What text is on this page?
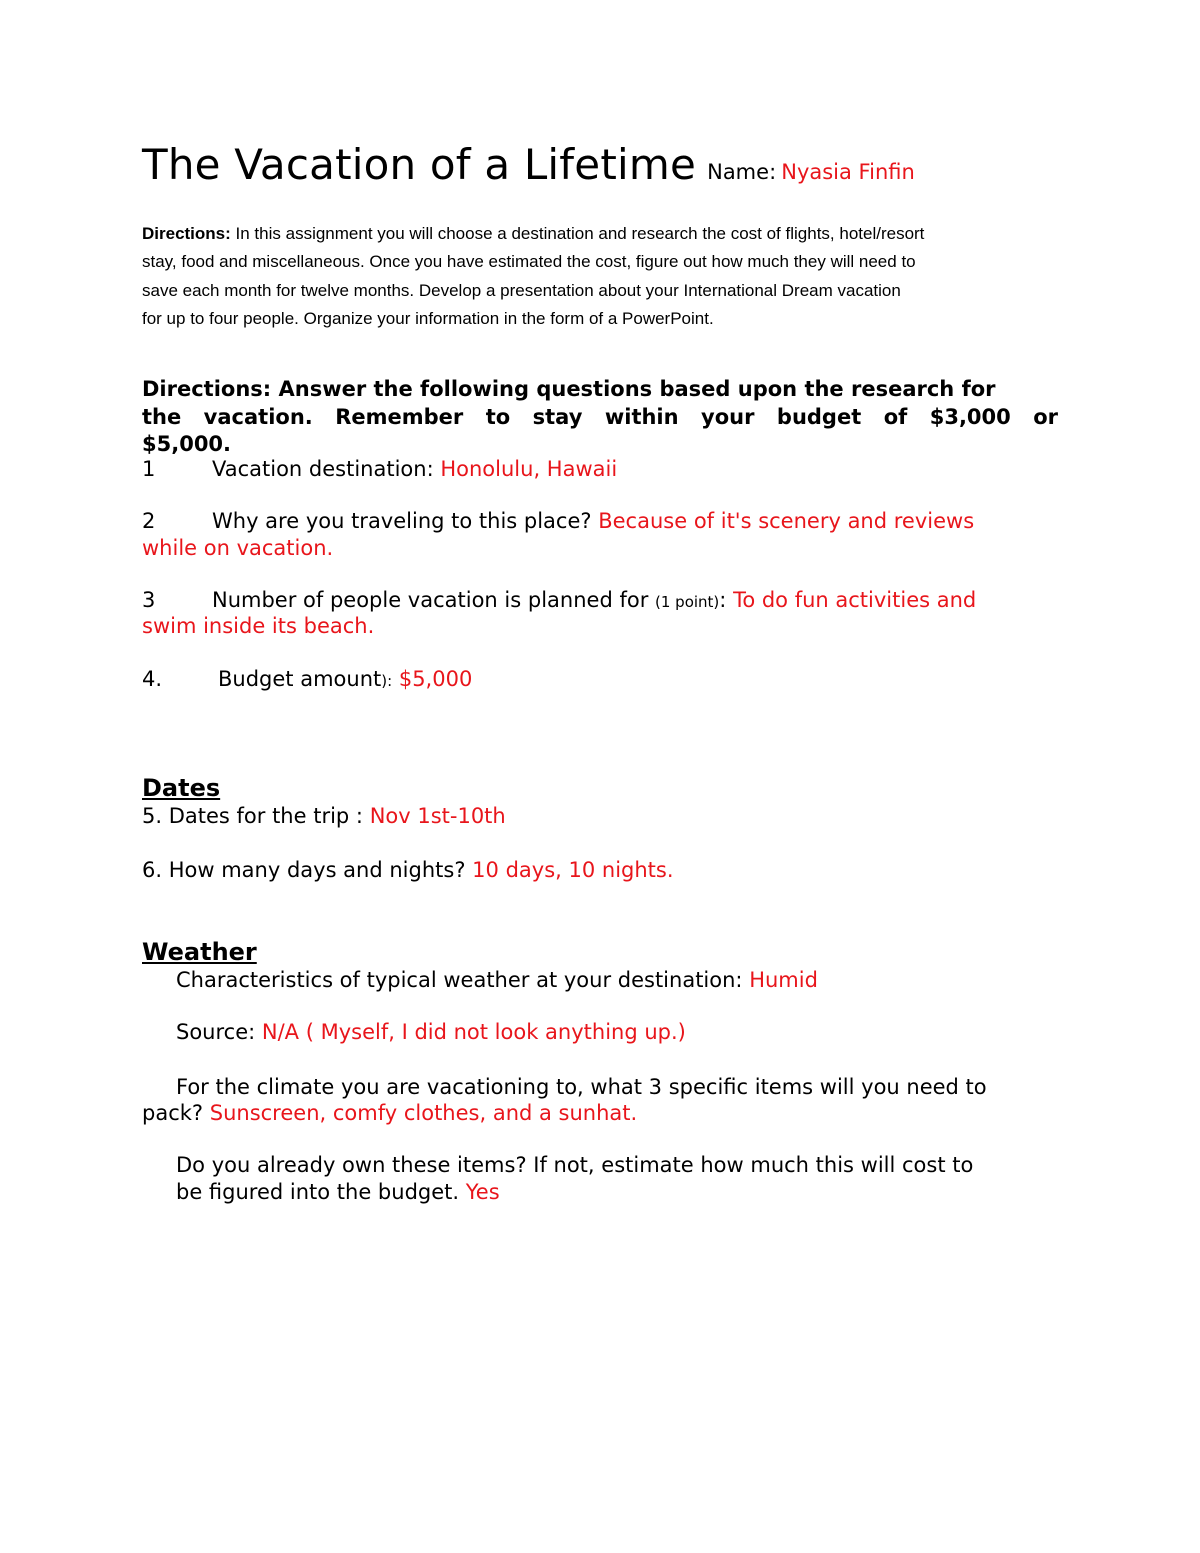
The Vacation of a Lifetime Name: Nyasia Finfin
Directions: In this assignment you will choose a destination and research the cost of flights, hotel/resort
stay, food and miscellaneous. Once you have estimated the cost, figure out how much they will need to
save each month for twelve months. Develop a presentation about your International Dream vacation
for up to four people. Organize your information in the form of a PowerPoint.
Directions: Answer the following questions based upon the research for
the vacation. Remember to stay within your budget of $3,000 or
$5,000.
1	Vacation destination: Honolulu, Hawaii
2	Why are you traveling to this place? Because of it's scenery and reviews
while on vacation.
3	Number of people vacation is planned for (1 point): To do fun activities and
swim inside its beach.
4.	Budget amount): $5,000
Dates
5. Dates for the trip : Nov 1st-10th
6. How many days and nights? 10 days, 10 nights.
Weather
Characteristics of typical weather at your destination: Humid
Source: N/A ( Myself, I did not look anything up.)
For the climate you are vacationing to, what 3 specific items will you need to
pack? Sunscreen, comfy clothes, and a sunhat.
Do you already own these items? If not, estimate how much this will cost to
be figured into the budget. Yes
